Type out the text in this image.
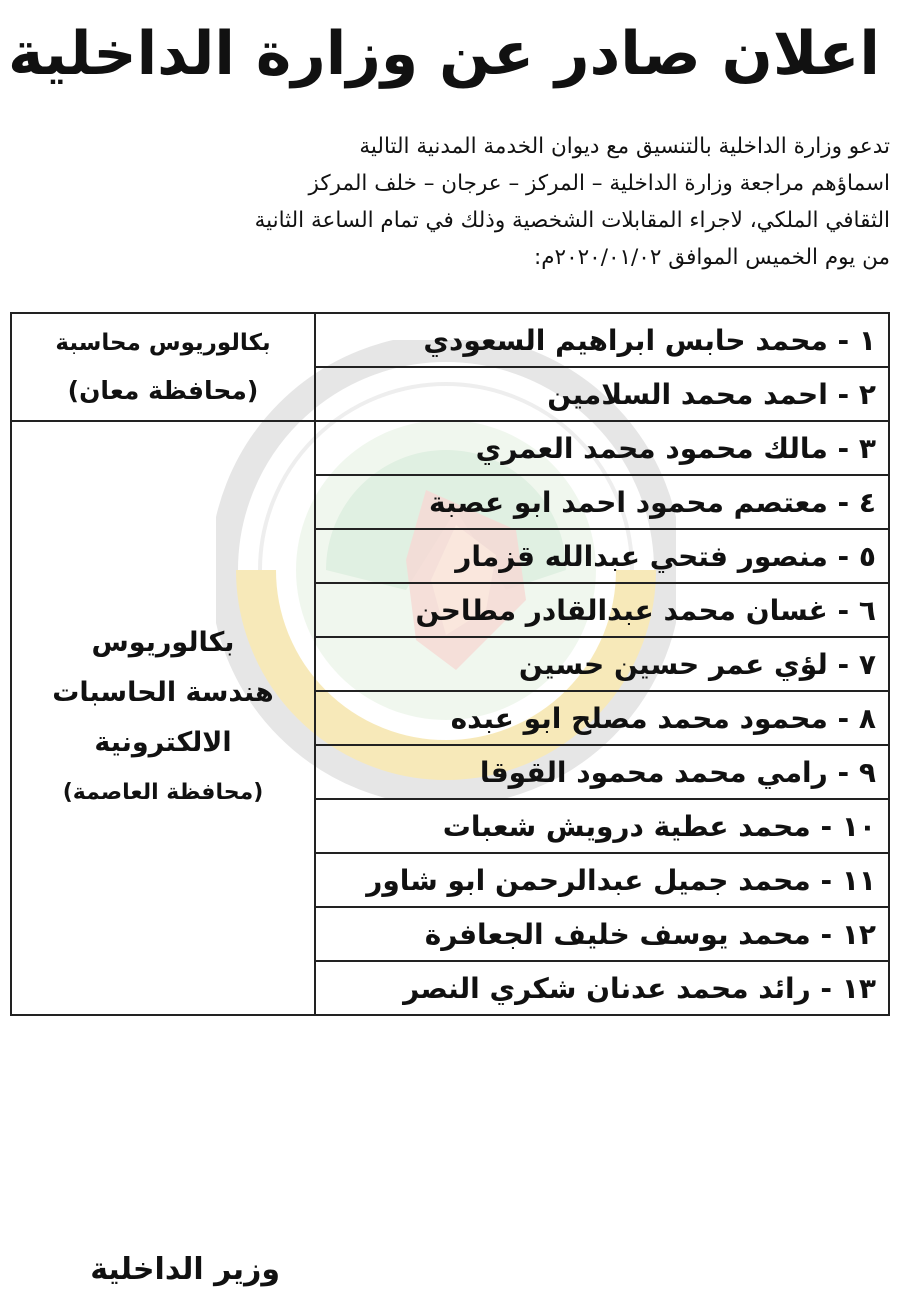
اعلان صادر عن وزارة الداخلية

تدعو وزارة الداخلية بالتنسيق مع ديوان الخدمة المدنية التالية

اسماؤهم مراجعة وزارة الداخلية – المركز – عرجان – خلف المركز

الثقافي الملكي، لاجراء المقابلات الشخصية وذلك في تمام الساعة الثانية

من يوم الخميس الموافق ٢٠٢٠/٠١/٠٢م:

١ - محمد حابس ابراهيم السعودي	بكالوريوس محاسبة
(محافظة معان)

٢ - احمد محمد السلامين	

٣ - مالك محمود محمد العمري	بكالوريوس
هندسة الحاسبات
الالكترونية
(محافظة العاصمة)

٤ - معتصم محمود احمد ابو عصبة	

٥ - منصور فتحي عبدالله قزمار	

٦ - غسان محمد عبدالقادر مطاحن	

٧ - لؤي عمر حسين حسين	

٨ - محمود محمد مصلح ابو عبده	

٩ - رامي محمد محمود القوقا	

١٠ - محمد عطية درويش شعبات	

١١ - محمد جميل عبدالرحمن ابو شاور	

١٢ - محمد يوسف خليف الجعافرة	

١٣ - رائد محمد عدنان شكري النصر	
وزير الداخلية
